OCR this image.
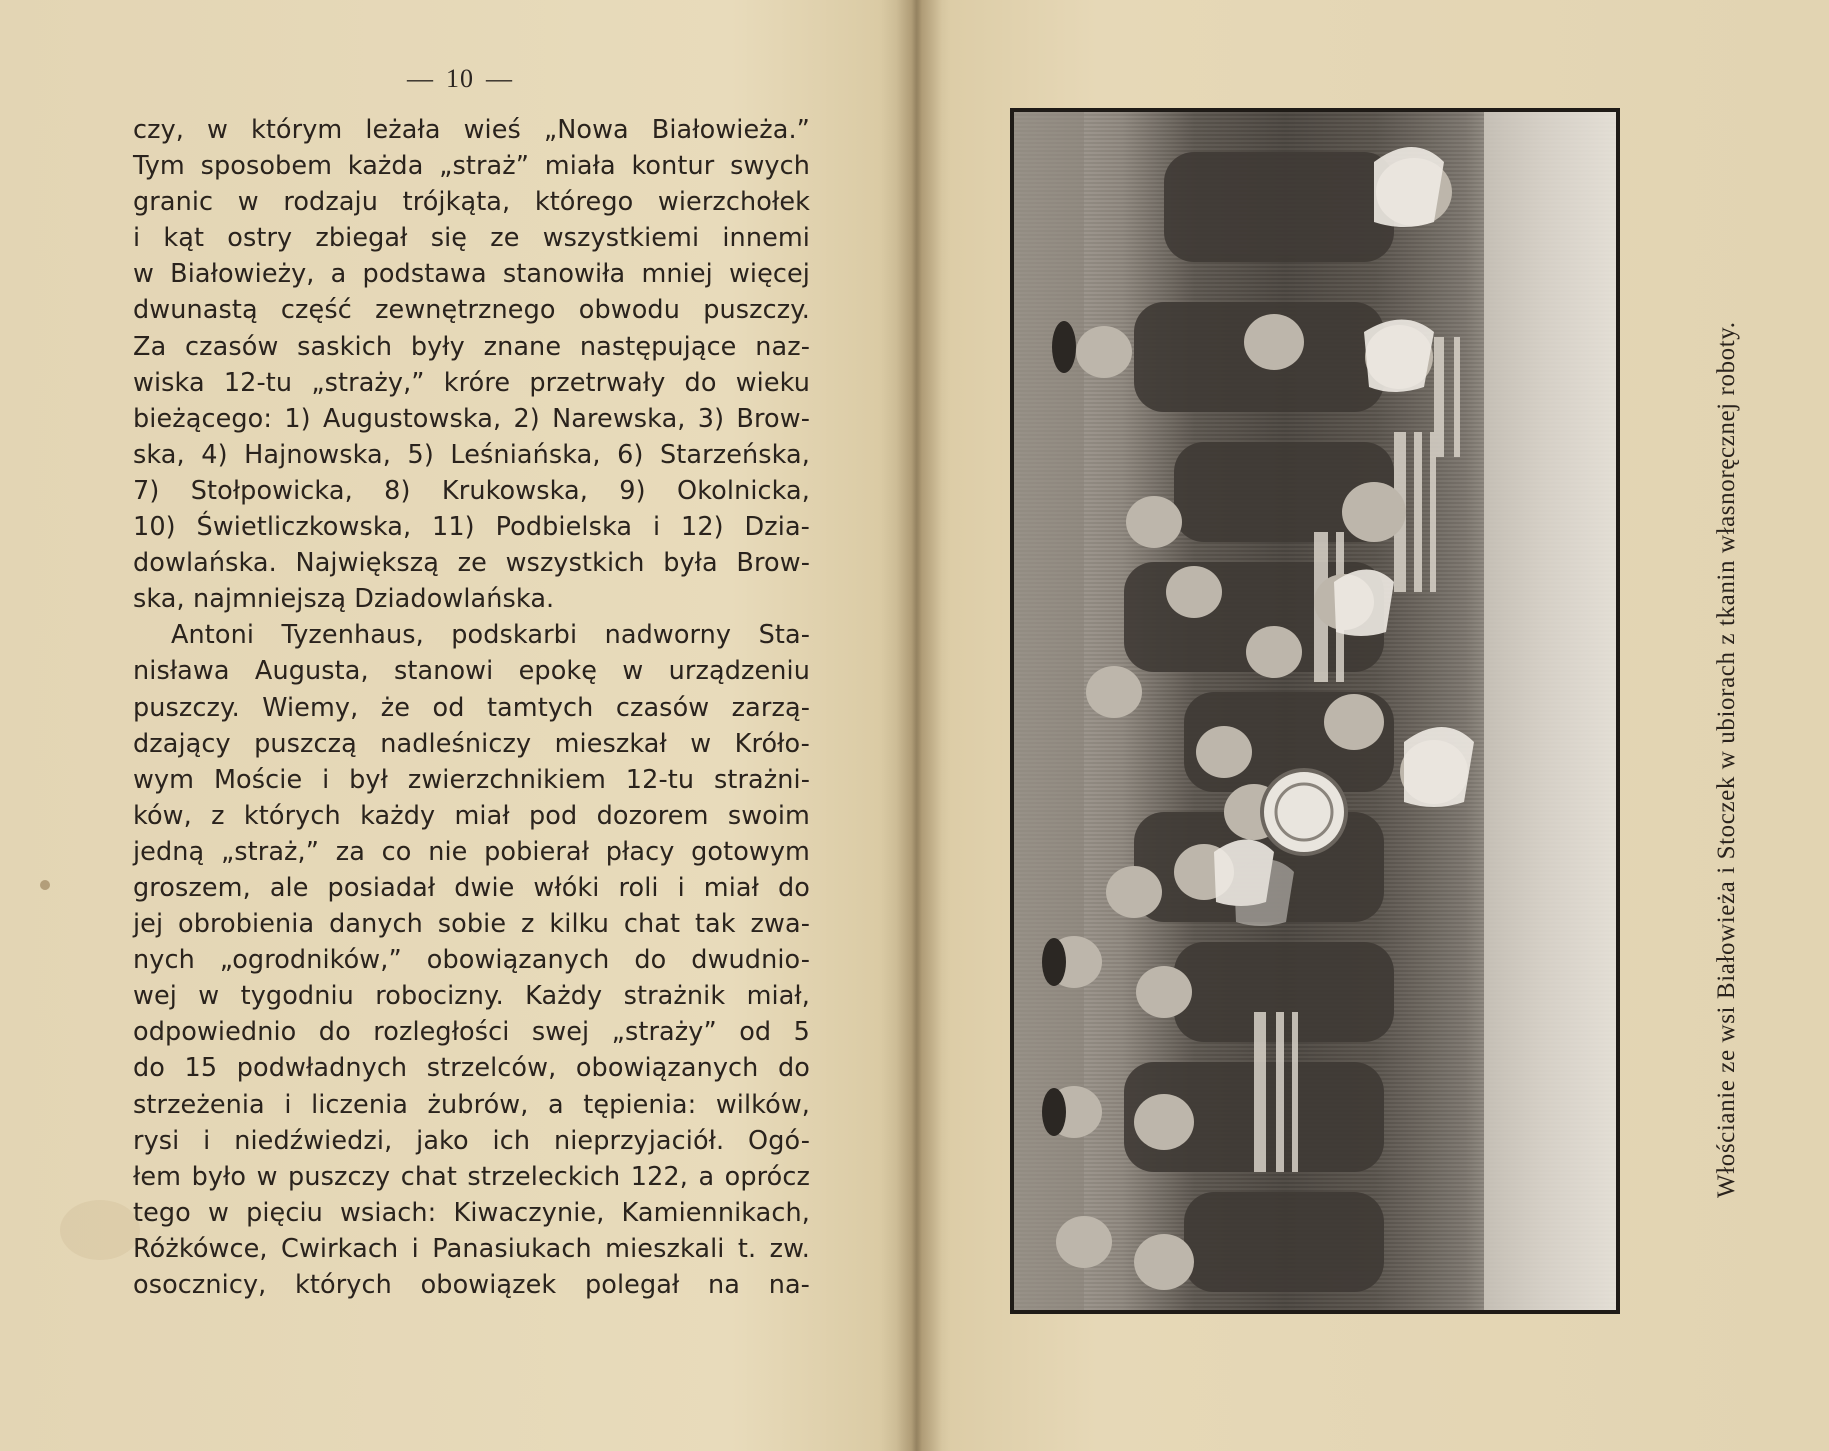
— 10 —
czy, w którym leżała wieś „Nowa Białowieża.”
Tym sposobem każda „straż” miała kontur swych
granic w rodzaju trójkąta, którego wierzchołek
i kąt ostry zbiegał się ze wszystkiemi innemi
w Białowieży, a podstawa stanowiła mniej więcej
dwunastą część zewnętrznego obwodu puszczy.
Za czasów saskich były znane następujące naz-
wiska 12-tu „straży,” króre przetrwały do wieku
bieżącego: 1) Augustowska, 2) Narewska, 3) Brow-
ska, 4) Hajnowska, 5) Leśniańska, 6) Starzeńska,
7) Stołpowicka, 8) Krukowska, 9) Okolnicka,
10) Świetliczkowska, 11) Podbielska i 12) Dzia-
dowlańska. Największą ze wszystkich była Brow-
ska, najmniejszą Dziadowlańska.
Antoni Tyzenhaus, podskarbi nadworny Sta-
nisława Augusta, stanowi epokę w urządzeniu
puszczy. Wiemy, że od tamtych czasów zarzą-
dzający puszczą nadleśniczy mieszkał w Króło-
wym Moście i był zwierzchnikiem 12-tu strażni-
ków, z których każdy miał pod dozorem swoim
jedną „straż,” za co nie pobierał płacy gotowym
groszem, ale posiadał dwie włóki roli i miał do
jej obrobienia danych sobie z kilku chat tak zwa-
nych „ogrodników,” obowiązanych do dwudnio-
wej w tygodniu robocizny. Każdy strażnik miał,
odpowiednio do rozległości swej „straży” od 5
do 15 podwładnych strzelców, obowiązanych do
strzeżenia i liczenia żubrów, a tępienia: wilków,
rysi i niedźwiedzi, jako ich nieprzyjaciół. Ogó-
łem było w puszczy chat strzeleckich 122, a oprócz
tego w pięciu wsiach: Kiwaczynie, Kamiennikach,
Różkówce, Cwirkach i Panasiukach mieszkali t. zw.
osocznicy, których obowiązek polegał na na-
Włościanie ze wsi Białowieża i Stoczek w ubiorach z tkanin własnoręcznej roboty.
